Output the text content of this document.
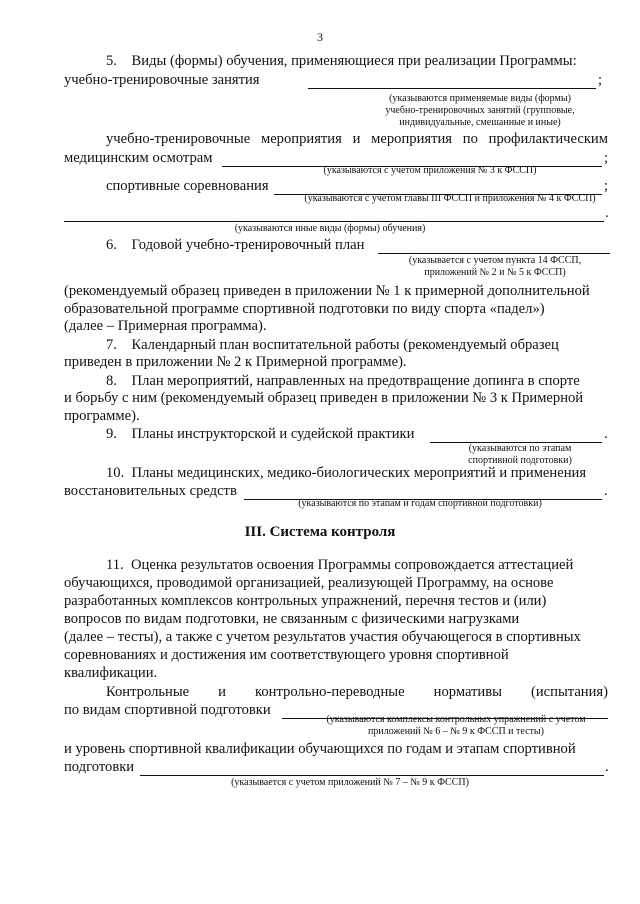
3
5.    Виды (формы) обучения, применяющиеся при реализации Программы:
учебно-тренировочные занятия	;
(указываются применяемые виды (формы)
учебно-тренировочных занятий (групповые,
индивидуальные, смешанные и иные)
учебно-тренировочные мероприятия и мероприятия по профилактическим
медицинским осмотрам	;
(указываются с учетом приложения № 3 к ФССП)
спортивные соревнования	;
(указываются с учетом главы III ФССП и приложения № 4 к ФССП)
.
(указываются иные виды (формы) обучения)
6.    Годовой учебно-тренировочный план
(указывается с учетом пункта 14 ФССП,
приложений № 2 и № 5 к ФССП)
(рекомендуемый образец приведен в приложении № 1 к примерной дополнительной
образовательной программе спортивной подготовки по виду спорта «падел»)
(далее – Примерная программа).
7.    Календарный план воспитательной работы (рекомендуемый образец
приведен в приложении № 2 к Примерной программе).
8.    План мероприятий, направленных на предотвращение допинга в спорте
и борьбу с ним (рекомендуемый образец приведен в приложении № 3 к Примерной
программе).
9.    Планы инструкторской и судейской практики	.
(указываются по этапам
спортивной подготовки)
10.  Планы медицинских, медико-биологических мероприятий и применения
восстановительных средств	.
(указываются по этапам и годам спортивной подготовки)
III. Система контроля
11.  Оценка результатов освоения Программы сопровождается аттестацией
обучающихся, проводимой организацией, реализующей Программу, на основе
разработанных комплексов контрольных упражнений, перечня тестов и (или)
вопросов по видам подготовки, не связанным с физическими нагрузками
(далее – тесты), а также с учетом результатов участия обучающегося в спортивных
соревнованиях и достижения им соответствующего уровня спортивной
квалификации.
Контрольные и контрольно-переводные нормативы (испытания)
по видам спортивной подготовки
(указываются комплексы контрольных упражнений с учетом
приложений № 6 – № 9 к ФССП и тесты)
и уровень спортивной квалификации обучающихся по годам и этапам спортивной
подготовки	.
(указывается с учетом приложений № 7 – № 9 к ФССП)
